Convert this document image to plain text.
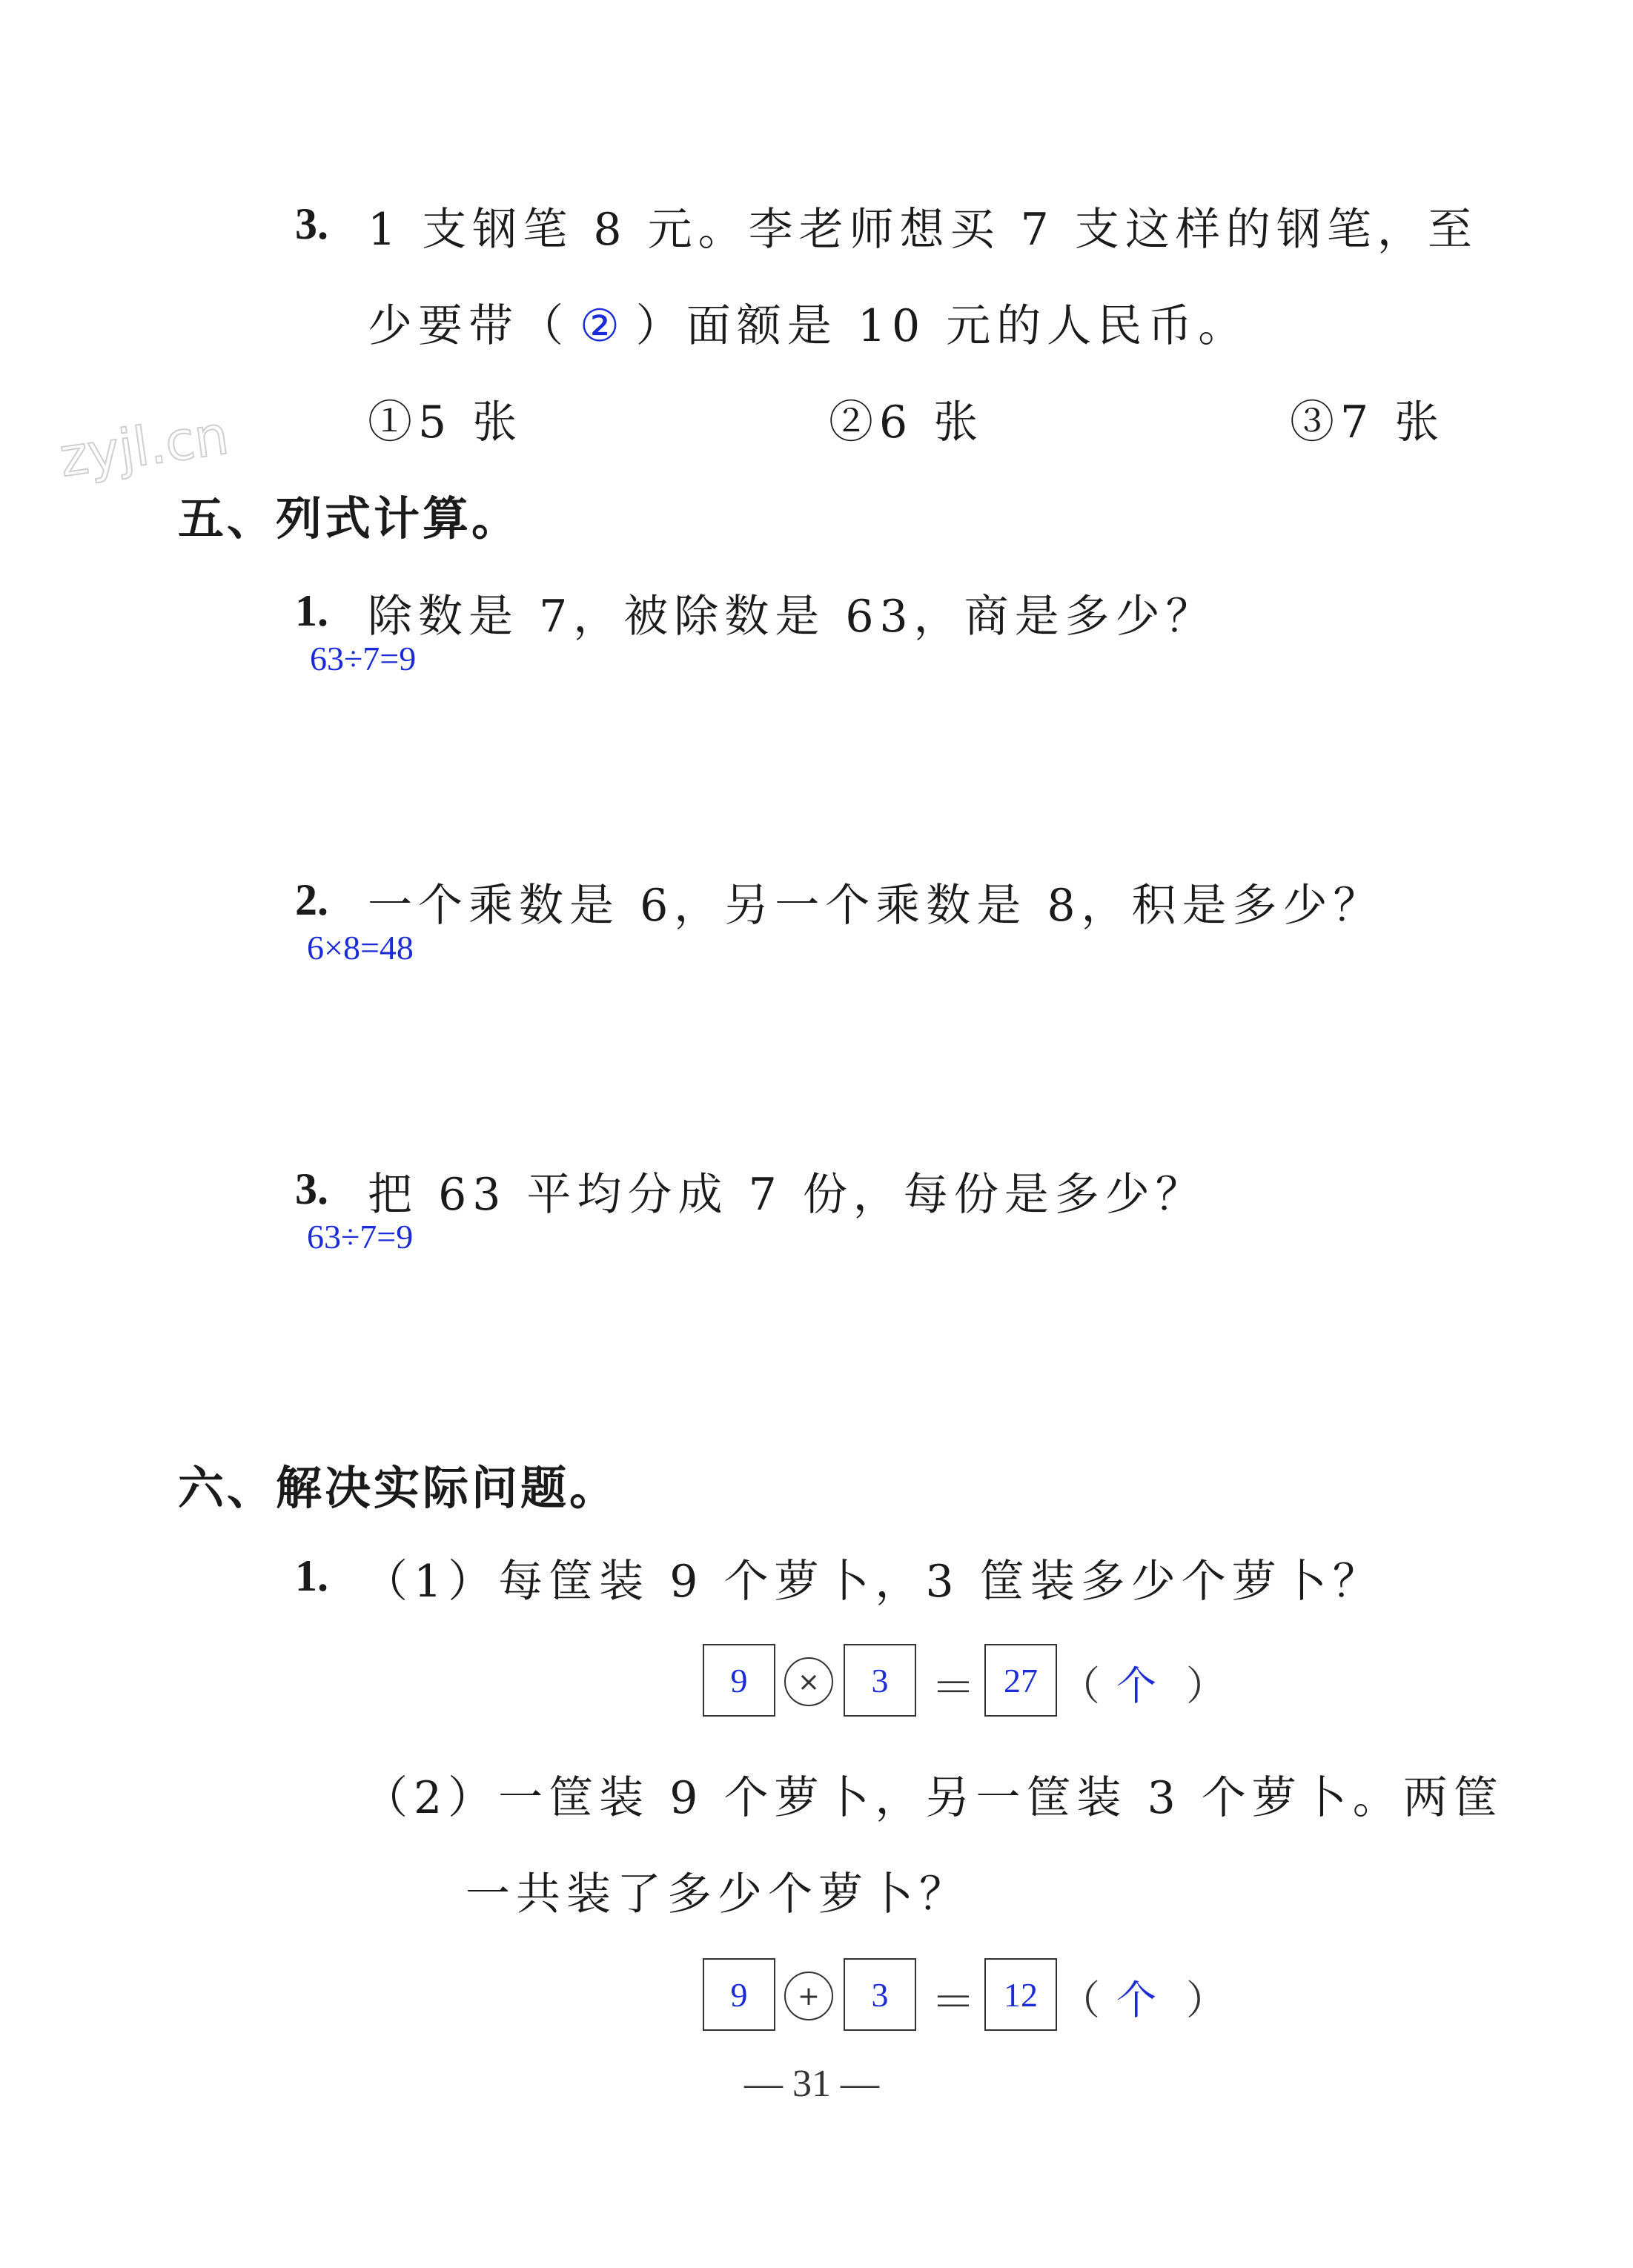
zyjl.cn
3. 1 支钢笔 8 元。李老师想买 7 支这样的钢笔，至
少要带（ ② ）面额是 10 元的人民币。
①5 张	②6 张	③7 张
五、列式计算。
1. 除数是 7，被除数是 63，商是多少？
63÷7=9
2. 一个乘数是 6，另一个乘数是 8，积是多少？
6×8=48
3. 把 63 平均分成 7 份，每份是多少？
63÷7=9
六、解决实际问题。
1. （1）每筐装 9 个萝卜，3 筐装多少个萝卜？
9	×	3 ＝ 27 （ 个 ）
（2）一筐装 9 个萝卜，另一筐装 3 个萝卜。两筐
一共装了多少个萝卜？
9	+	3 ＝ 12 （ 个 ）
— 31 —
